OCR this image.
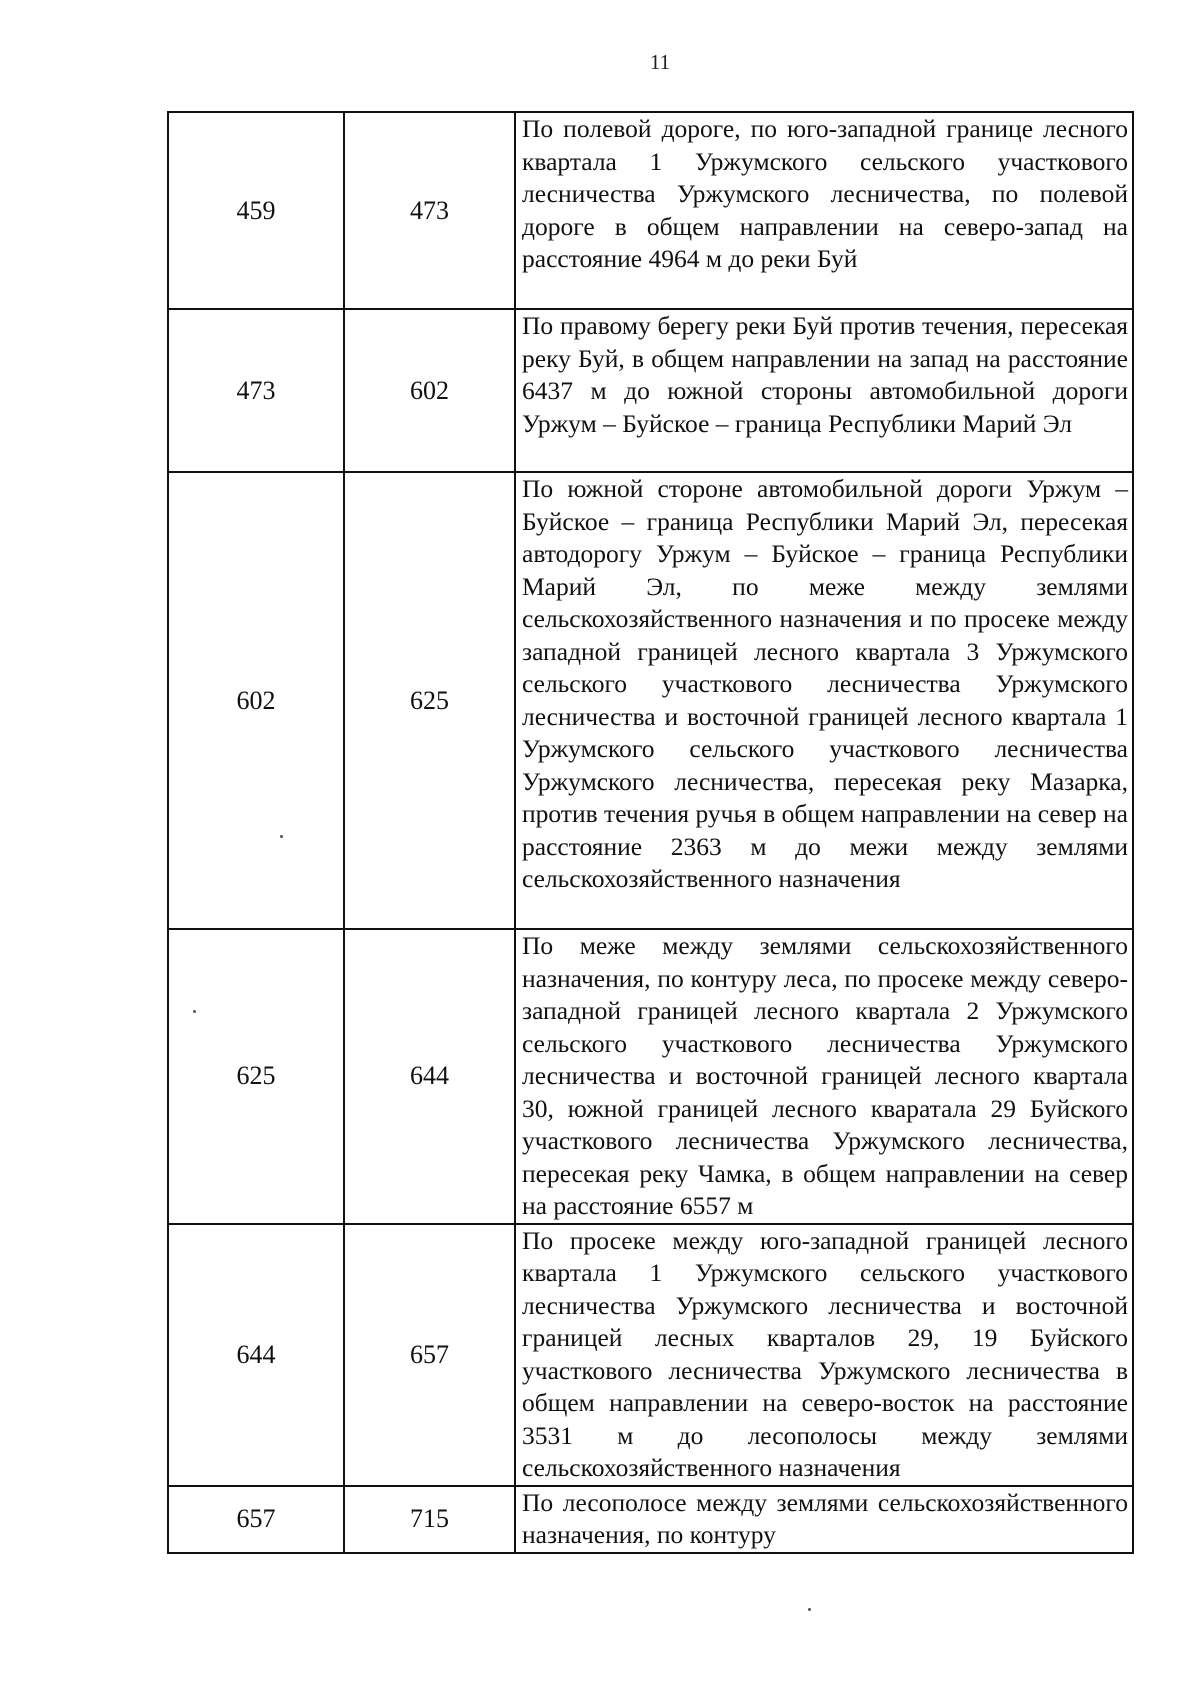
11
459	473	По полевой дороге, по юго-западной границе лесного квартала 1 Уржумского сельского участкового лесничества Уржумского лесничества, по полевой дороге в общем направлении на северо-запад на расстояние 4964 м до реки Буй
473	602	По правому берегу реки Буй против течения, пересекая реку Буй, в общем направлении на запад на расстояние 6437 м до южной стороны автомобильной дороги Уржум – Буйское – граница Республики Марий Эл
602	625	По южной стороне автомобильной дороги Уржум – Буйское – граница Республики Марий Эл, пересекая автодорогу Уржум – Буйское – граница Республики Марий Эл, по меже между землями сельскохозяйственного назначения и по просеке между западной границей лесного квартала 3 Уржумского сельского участкового лесничества Уржумского лесничества и восточной границей лесного квартала 1 Уржумского сельского участкового лесничества Уржумского лесничества, пересекая реку Мазарка, против течения ручья в общем направлении на север на расстояние 2363 м до межи между землями сельскохозяйственного назначения
625	644	По меже между землями сельскохозяйственного назначения, по контуру леса, по просеке между северо-западной границей лесного квартала 2 Уржумского сельского участкового лесничества Уржумского лесничества и восточной границей лесного квартала 30, южной границей лесного кваратала 29 Буйского участкового лесничества Уржумского лесничества, пересекая реку Чамка, в общем направлении на север на расстояние 6557 м
644	657	По просеке между юго-западной границей лесного квартала 1 Уржумского сельского участкового лесничества Уржумского лесничества и восточной границей лесных кварталов 29, 19 Буйского участкового лесничества Уржумского лесничества в общем направлении на северо-восток на расстояние 3531 м до лесополосы между землями сельскохозяйственного назначения
657	715	По лесополосе между землями сельскохозяйственного назначения, по контуру
